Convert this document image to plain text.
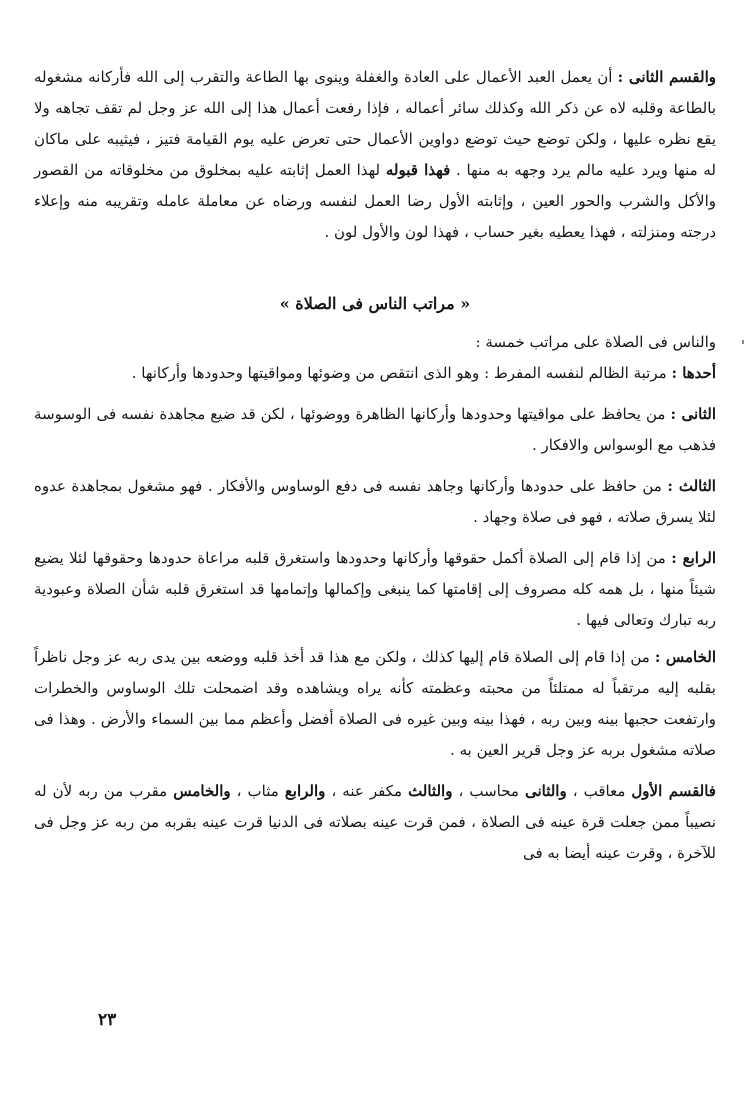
والقسم الثانى : أن يعمل العبد الأعمال على العادة والغفلة وينوى بها الطاعة والتقرب إلى الله فأركانه مشغوله بالطاعة وقلبه لاه عن ذكر الله وكذلك سائر أعماله ، فإذا رفعت أعمال هذا إلى الله عز وجل لم تقف تجاهه ولا يقع نظره عليها ، ولكن توضع حيث توضع دواوين الأعمال حتى تعرض عليه يوم القيامة فتيز ، فيثيبه على ماكان له منها ويرد عليه مالم يرد وجهه به منها . فهذا قبوله لهذا العمل إثابته عليه بمخلوق من مخلوقاته من القصور والأكل والشرب والحور العين ، وإثابته الأول رضا العمل لنفسه ورضاه عن معاملة عامله وتقريبه منه وإعلاء درجته ومنزلته ، فهذا يعطيه بغير حساب ، فهذا لون والأول لون .

« مراتب الناس فى الصلاة »

والناس فى الصلاة على مراتب خمسة :

أحدها : مرتبة الظالم لنفسه المفرط : وهو الذى انتقص من وضوئها ومواقيتها وحدودها وأركانها .

الثانى : من يحافظ على مواقيتها وحدودها وأركانها الظاهرة ووضوئها ، لكن قد ضيع مجاهدة نفسه فى الوسوسة فذهب مع الوسواس والافكار .

الثالث : من حافظ على حدودها وأركانها وجاهد نفسه فى دفع الوساوس والأفكار . فهو مشغول بمجاهدة عدوه لئلا يسرق صلاته ، فهو فى صلاة وجهاد .

الرابع : من إذا قام إلى الصلاة أكمل حقوقها وأركانها وحدودها واستغرق قلبه مراعاة حدودها وحقوقها لئلا يضيع شيئاً منها ، بل همه كله مصروف إلى إقامتها كما ينبغى وإكمالها وإتمامها قد استغرق قلبه شأن الصلاة وعبودية ربه تبارك وتعالى فيها .

الخامس : من إذا قام إلى الصلاة قام إليها كذلك ، ولكن مع هذا قد أخذ قلبه ووضعه بين يدى ربه عز وجل ناظراً بقلبه إليه مرتقباً له ممتلئاً من محبته وعظمته كأنه يراه ويشاهده وقد اضمحلت تلك الوساوس والخطرات وارتفعت حجبها بينه وبين ربه ، فهذا بينه وبين غيره فى الصلاة أفضل وأعظم مما بين السماء والأرض . وهذا فى صلاته مشغول بربه عز وجل قرير العين به .

فالقسم الأول معاقب ، والثانى محاسب ، والثالث مكفر عنه ، والرابع مثاب ، والخامس مقرب من ربه لأن له نصيباً ممن جعلت قرة عينه فى الصلاة ، فمن قرت عينه بصلاته فى الدنيا قرت عينه بقربه من ربه عز وجل فى للآخرة ، وقرت عينه أيضا به فى

٢٣
